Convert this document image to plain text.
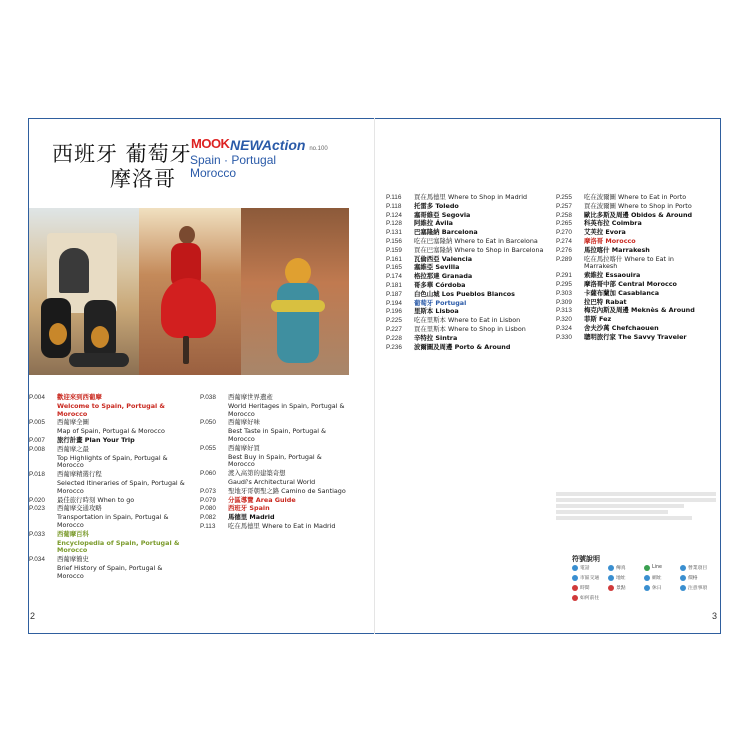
西班牙 葡萄牙
摩洛哥
MOOK NEWAction no.100
Spain · Portugal
Morocco
P.004 歡迎來到西葡摩
Welcome to Spain, Portugal & Morocco
P.005 西葡摩全圖
Map of Spain, Portugal & Morocco
P.007 旅行計畫 Plan Your Trip
P.008 西葡摩之最
Top Highlights of Spain, Portugal & Morocco
P.018 西葡摩精選行程
Selected Itineraries of Spain, Portugal & Morocco
P.020 最佳旅行時刻 When to go
P.023 西葡摩交通攻略
Transportation in Spain, Portugal & Morocco
P.033 西葡摩百科
Encyclopedia of Spain, Portugal & Morocco
P.034 西葡摩簡史
Brief History of Spain, Portugal & Morocco
P.038 西葡摩世界遺產
World Heritages in Spain, Portugal & Morocco
P.050 西葡摩好味
Best Taste in Spain, Portugal & Morocco
P.055 西葡摩好買
Best Buy in Spain, Portugal & Morocco
P.060 渡入高第的建築奇想
Gaudí's Architectural World
P.073 聖地牙哥朝聖之路 Camino de Santiago
P.079 分區導覽 Area Guide
P.080 西班牙 Spain
P.082 馬德里 Madrid
P.113 吃在馬德里 Where to Eat in Madrid
P.116 買在馬德里 Where to Shop in Madrid
P.118 托雷多 Toledo
P.124 塞哥維亞 Segovia
P.128 阿維拉 Ávila
P.131 巴塞隆納 Barcelona
P.156 吃在巴塞隆納 Where to Eat in Barcelona
P.159 買在巴塞隆納 Where to Shop in Barcelona
P.161 瓦倫西亞 Valencia
P.165 塞維亞 Sevilla
P.174 格拉那達 Granada
P.181 哥多華 Córdoba
P.187 白色山城 Los Pueblos Blancos
P.194 葡萄牙 Portugal
P.196 里斯本 Lisboa
P.225 吃在里斯本 Where to Eat in Lisbon
P.227 買在里斯本 Where to Shop in Lisbon
P.228 辛特拉 Sintra
P.236 波爾圖及周邊 Porto & Around
P.255 吃在波爾圖 Where to Eat in Porto
P.257 買在波爾圖 Where to Shop in Porto
P.258 歐比多斯及周邊 Obidos & Around
P.265 科英布拉 Coimbra
P.270 艾芙拉 Evora
P.274 摩洛哥 Morocco
P.276 馬拉喀什 Marrakesh
P.289 吃在馬拉喀什 Where to Eat in Marrakesh
P.291 索維拉 Essaouira
P.295 摩洛哥中部 Central Morocco
P.303 卡薩布蘭加 Casablanca
P.309 拉巴特 Rabat
P.313 梅克內斯及周邊 Meknès & Around
P.320 菲斯 Fez
P.324 舍夫沙萬 Chefchaouen
P.330 聰明旅行家 The Savvy Traveler
符號說明
電話	傳真	Line	營業項目
市區交通	地址	網址	價格
時間	景點	休日	注意事項
如何前往
2	3
